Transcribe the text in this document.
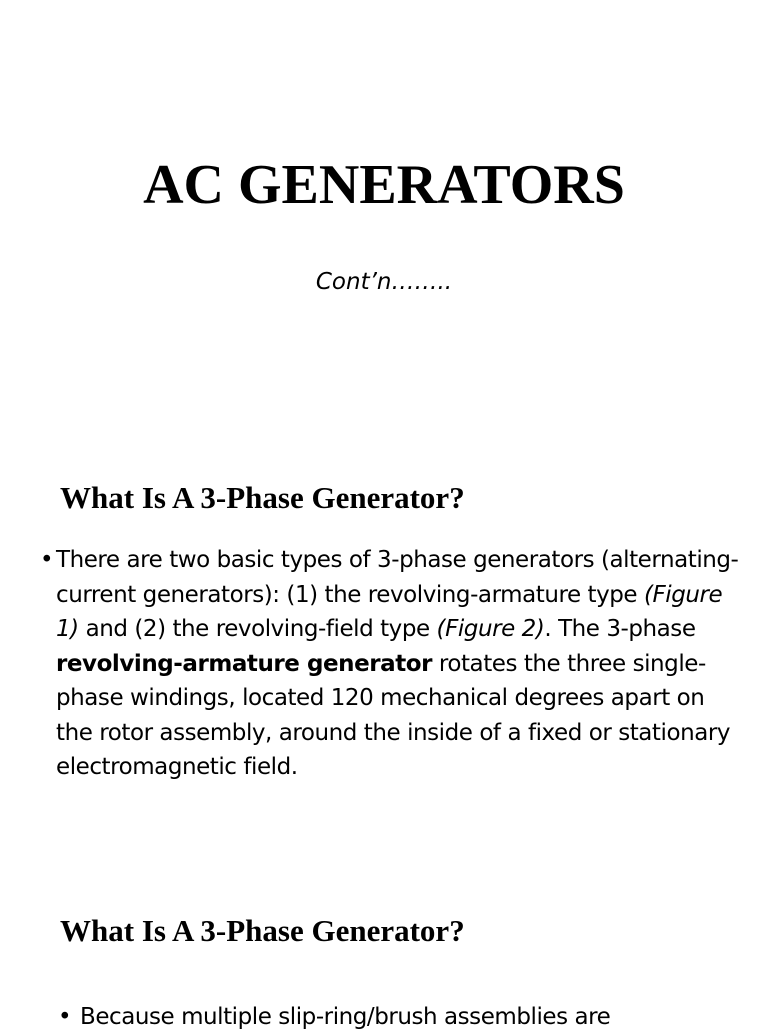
AC GENERATORS

Cont’n……..

What Is A 3-Phase Generator?
• There are two basic types of 3-phase generators (alternating-current generators): (1) the revolving-armature type (Figure 1) and (2) the revolving-field type (Figure 2). The 3-phase revolving-armature generator rotates the three single-phase windings, located 120 mechanical degrees apart on the rotor assembly, around the inside of a fixed or stationary electromagnetic field.
What Is A 3-Phase Generator?
• Because multiple slip-ring/brush assemblies are
